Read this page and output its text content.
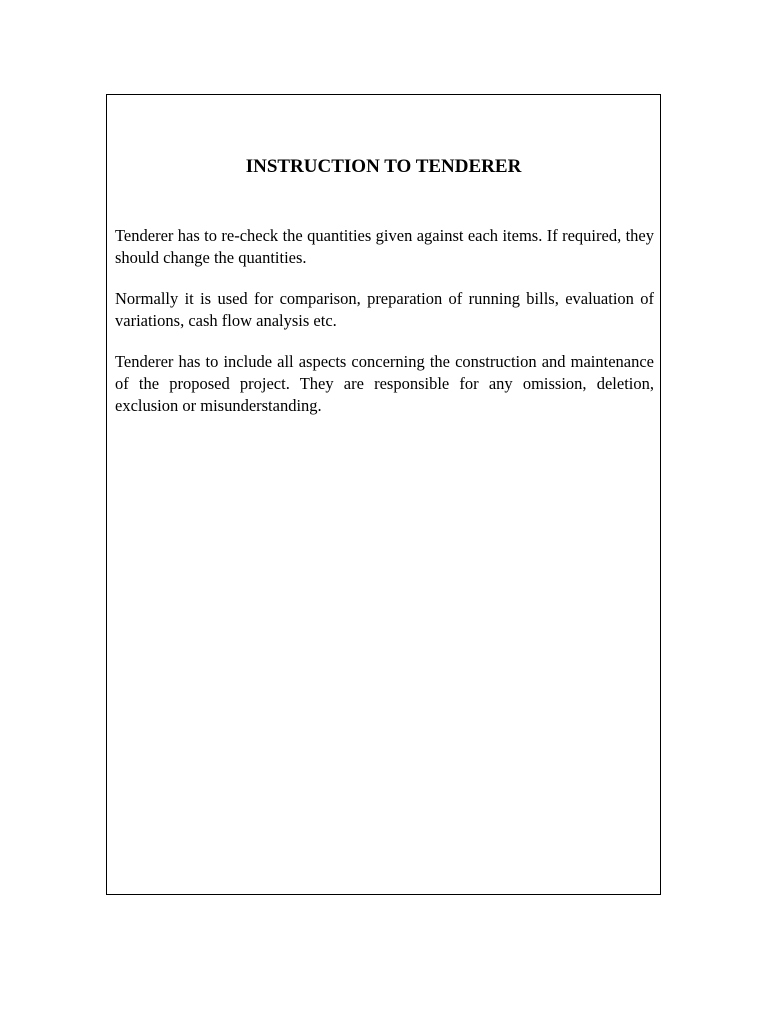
INSTRUCTION TO TENDERER

Tenderer has to re-check the quantities given against each items. If required, they should change the quantities.

Normally it is used for comparison, preparation of running bills, evaluation of variations, cash flow analysis etc.

Tenderer has to include all aspects concerning the construction and maintenance of the proposed project. They are responsible for any omission, deletion, exclusion or misunderstanding.
